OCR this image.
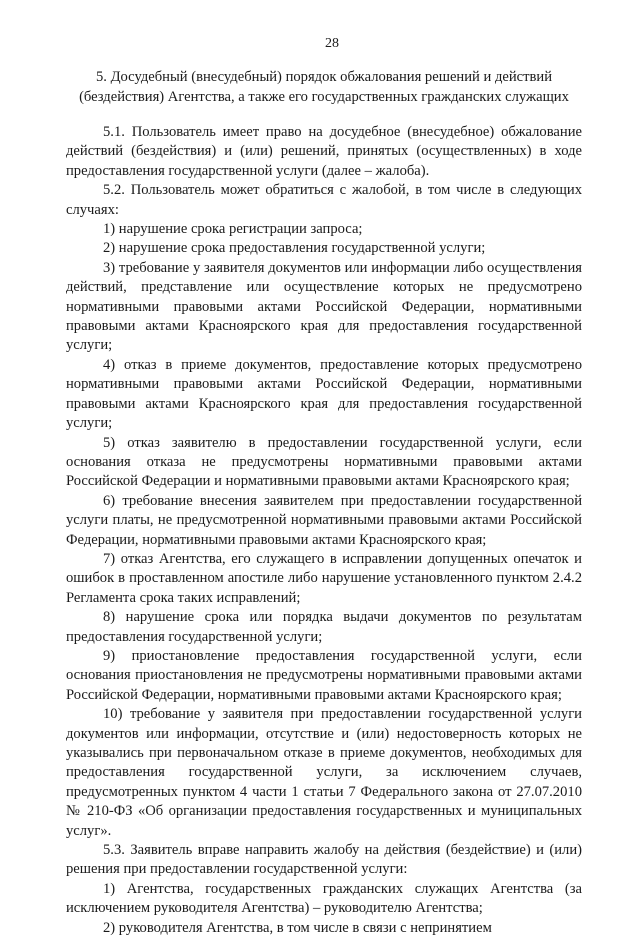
28
5. Досудебный (внесудебный) порядок обжалования решений и действий
(бездействия) Агентства, а также его государственных гражданских служащих

5.1. Пользователь имеет право на досудебное (внесудебное) обжалование действий (бездействия) и (или) решений, принятых (осуществленных) в ходе предоставления государственной услуги (далее – жалоба).

5.2. Пользователь может обратиться с жалобой, в том числе в следующих случаях:

1) нарушение срока регистрации запроса;

2) нарушение срока предоставления государственной услуги;

3) требование у заявителя документов или информации либо осуществления действий, представление или осуществление которых не предусмотрено нормативными правовыми актами Российской Федерации, нормативными правовыми актами Красноярского края для предоставления государственной услуги;

4) отказ в приеме документов, предоставление которых предусмотрено нормативными правовыми актами Российской Федерации, нормативными правовыми актами Красноярского края для предоставления государственной услуги;

5) отказ заявителю в предоставлении государственной услуги, если основания отказа не предусмотрены нормативными правовыми актами Российской Федерации и нормативными правовыми актами Красноярского края;

6) требование внесения заявителем при предоставлении государственной услуги платы, не предусмотренной нормативными правовыми актами Российской Федерации, нормативными правовыми актами Красноярского края;

7) отказ Агентства, его служащего в исправлении допущенных опечаток и ошибок в проставленном апостиле либо нарушение установленного пунктом 2.4.2 Регламента срока таких исправлений;

8) нарушение срока или порядка выдачи документов по результатам предоставления государственной услуги;

9) приостановление предоставления государственной услуги, если основания приостановления не предусмотрены нормативными правовыми актами Российской Федерации, нормативными правовыми актами Красноярского края;

10) требование у заявителя при предоставлении государственной услуги документов или информации, отсутствие и (или) недостоверность которых не указывались при первоначальном отказе в приеме документов, необходимых для предоставления государственной услуги, за исключением случаев, предусмотренных пунктом 4 части 1 статьи 7 Федерального закона от 27.07.2010 № 210-ФЗ «Об организации предоставления государственных и муниципальных услуг».

5.3. Заявитель вправе направить жалобу на действия (бездействие) и (или) решения при предоставлении государственной услуги:

1) Агентства, государственных гражданских служащих Агентства (за исключением руководителя Агентства) – руководителю Агентства;

2) руководителя Агентства, в том числе в связи с непринятием
